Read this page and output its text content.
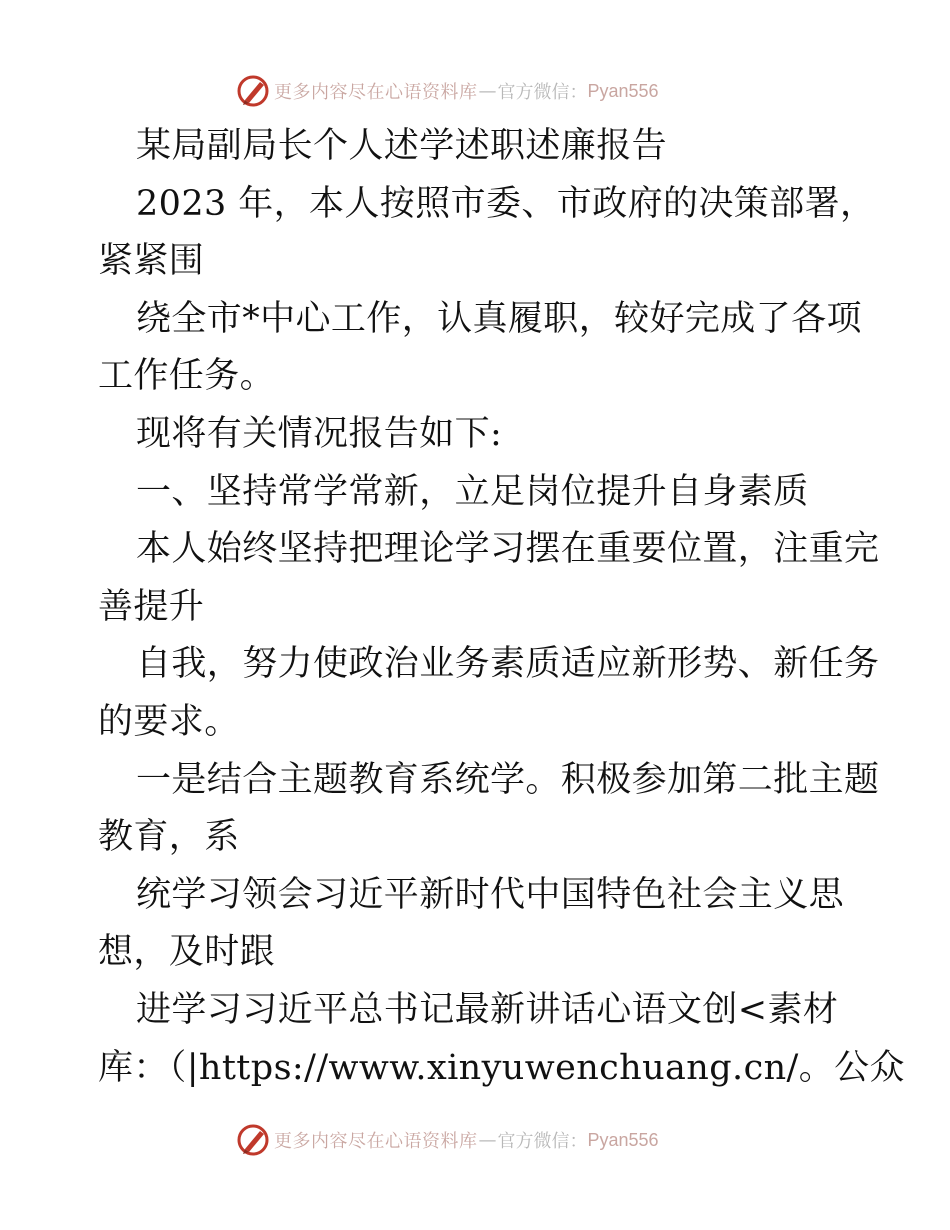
更多内容尽在心语资料库 — 官方微信： Pyan556
某局副局长个人述学述职述廉报告
2023 年，本人按照市委、市政府的决策部署，
紧紧围
绕全市*中心工作，认真履职，较好完成了各项
工作任务。
现将有关情况报告如下:
一、坚持常学常新，立足岗位提升自身素质
本人始终坚持把理论学习摆在重要位置，注重完
善提升
自我，努力使政治业务素质适应新形势、新任务
的要求。
一是结合主题教育系统学。积极参加第二批主题
教育，系
统学习领会习近平新时代中国特色社会主义思
想，及时跟
进学习习近平总书记最新讲话心语文创<素材
库：（|https://www.xinyuwenchuang.cn/。公众
更多内容尽在心语资料库 — 官方微信： Pyan556
